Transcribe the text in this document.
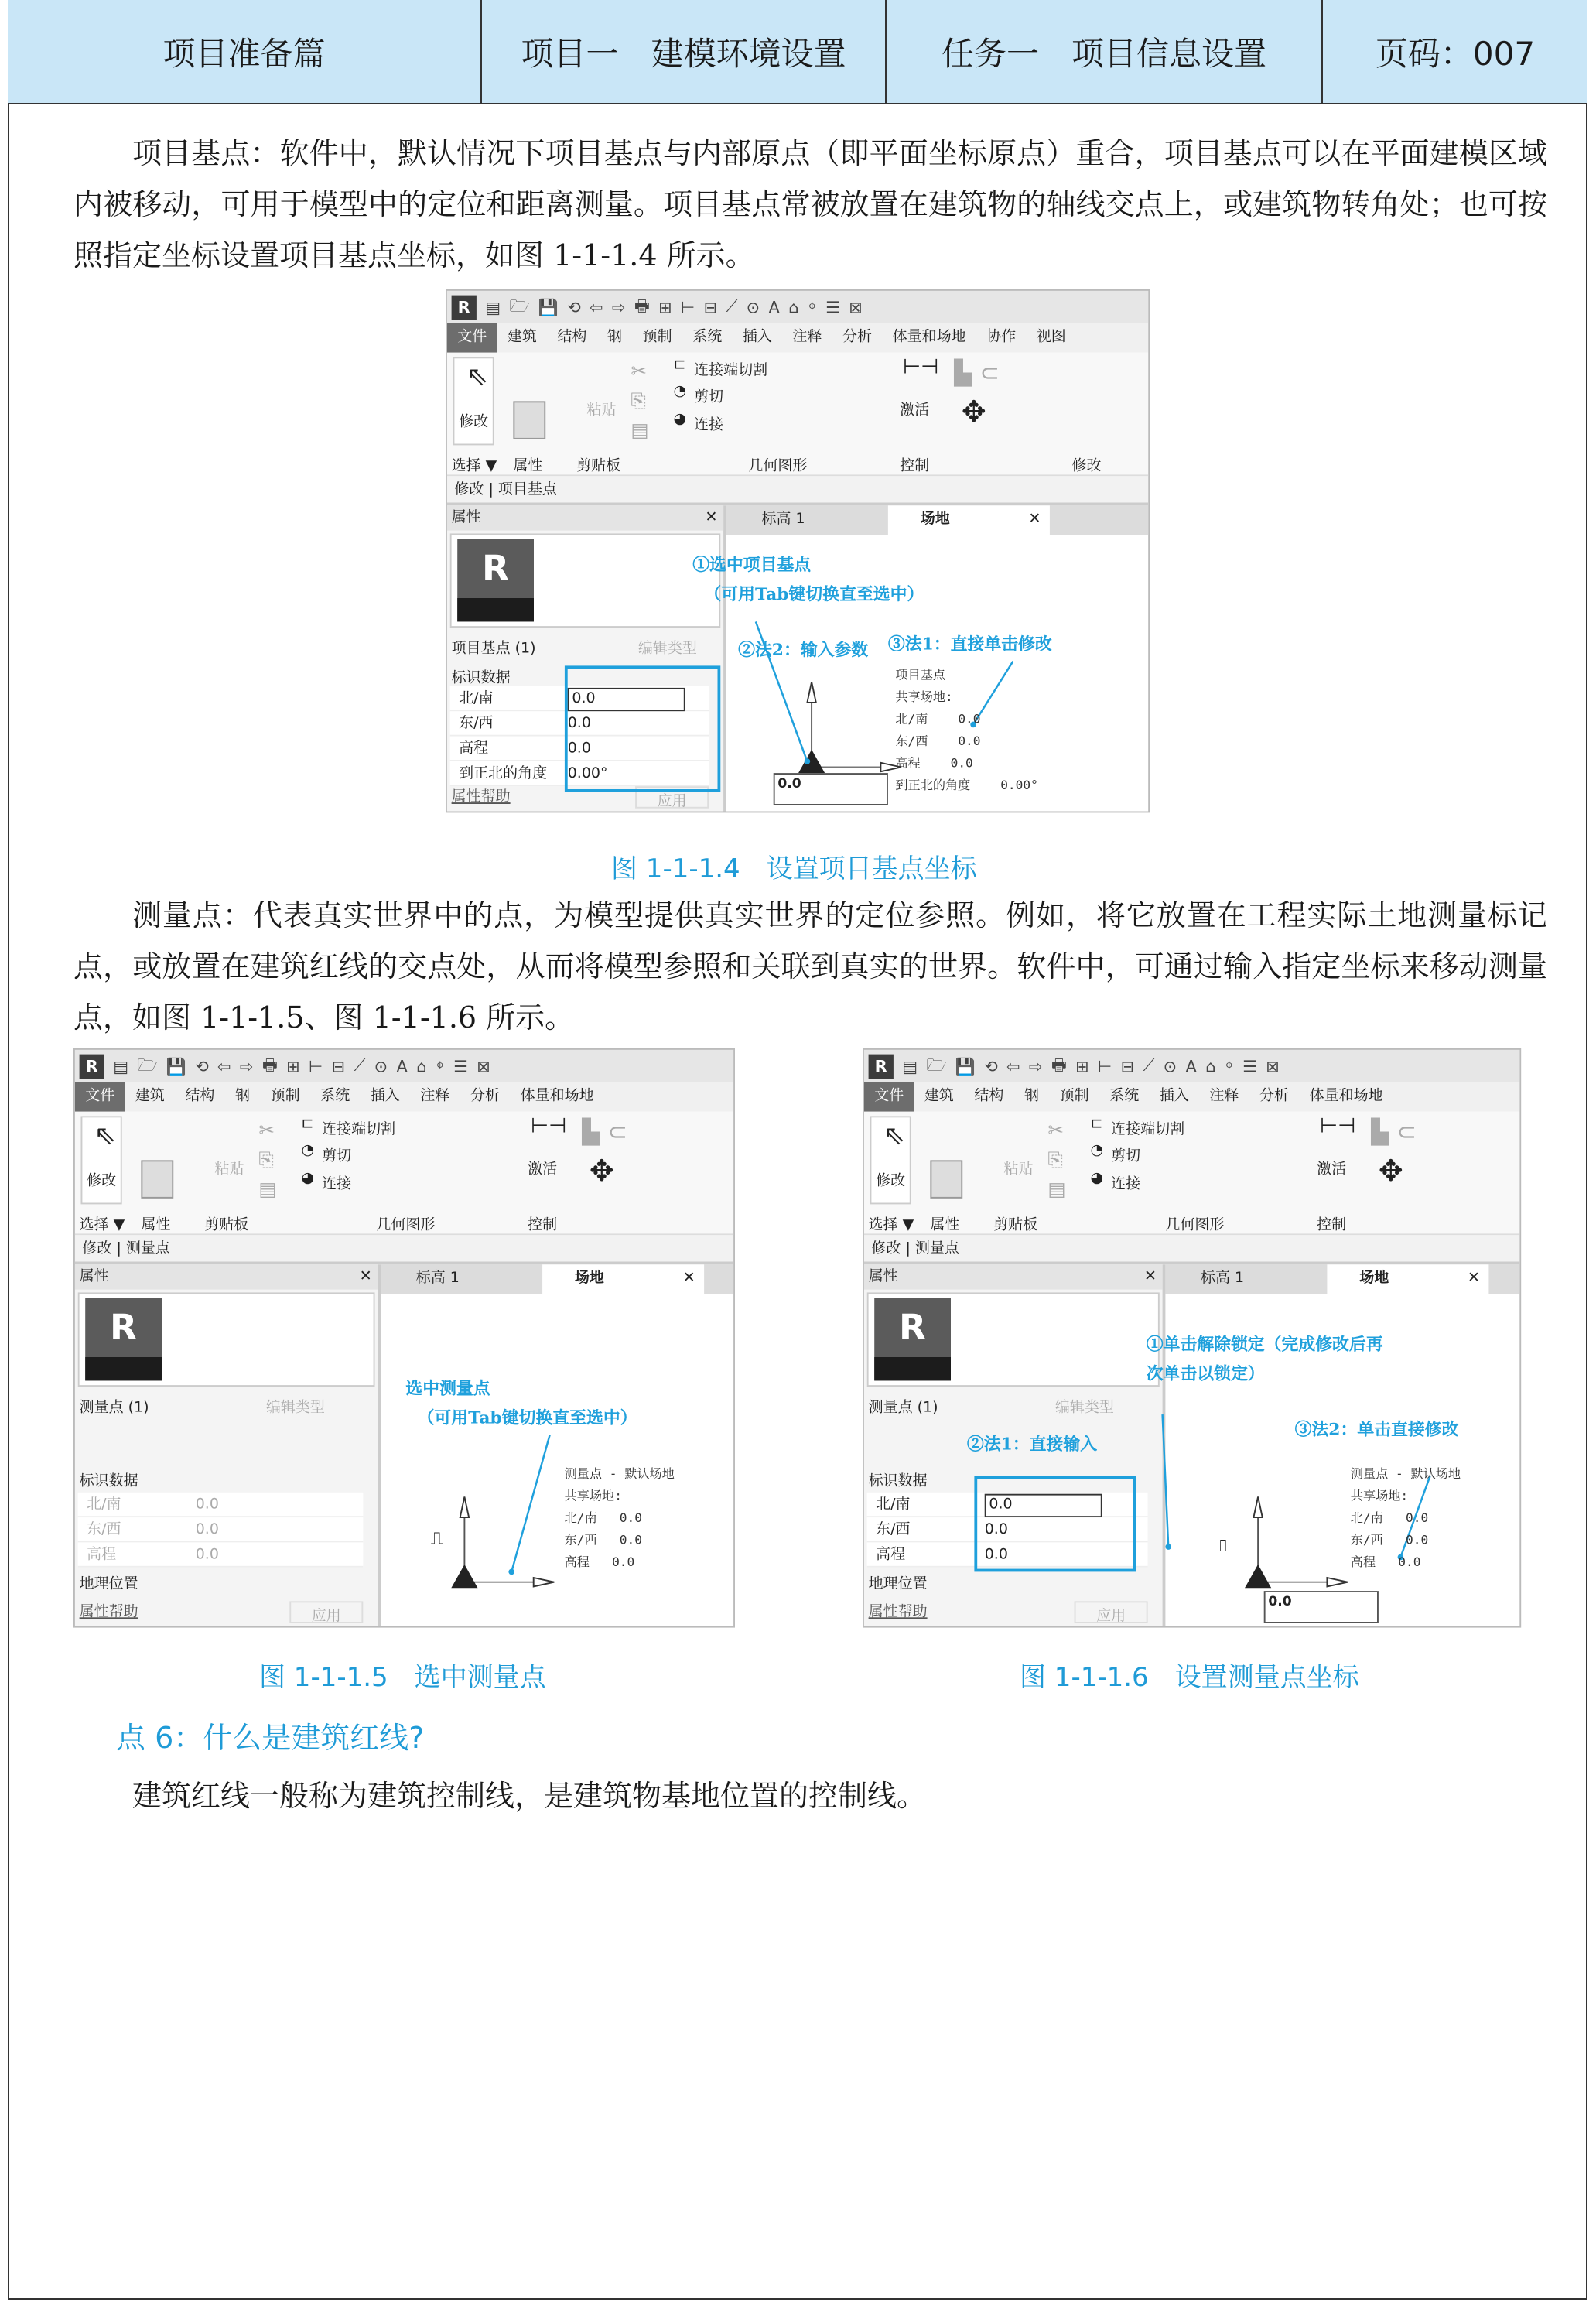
项目准备篇	项目一　建模环境设置	任务一　项目信息设置	页码：007

项目基点：软件中，默认情况下项目基点与内部原点（即平面坐标原点）重合，项目基点可以在平面建模区域内被移动，可用于模型中的定位和距离测量。项目基点常被放置在建筑物的轴线交点上，或建筑物转角处；也可按照指定坐标设置项目基点坐标，如图 1-1-1.4 所示。

R	▤ 🗁 💾 ⟲ ⇦ ⇨ 🖶 ⊞ ⊢ ⊟ ⟋ ⊙ A ⌂ ⌖ ☰ ⊠
文件	建筑	结构	钢	预制	系统	插入	注释	分析	体量和场地	协作	视图
⇖
修改
选择 ▼ 属性
粘贴
✂
⎘
▤
剪贴板
⊏ 连接端切割
◔ 剪切
◕ 连接
几何图形
⊢⊣
激活
控制
✥
▙ ⊂
修改
修改 | 项目基点
属性	✕
R
项目基点 (1)	编辑类型
标识数据
北/南	0.0
东/西	0.0
高程	0.0
到正北的角度	0.00°
属性帮助	应用
标高 1	场地	✕
0.0
项目基点
共享场地:
北/南    0.0
东/西    0.0
高程    0.0
到正北的角度    0.00°
①选中项目基点
（可用Tab键切换直至选中）
②法2：输入参数 ③法1：直接单击修改
图 1-1-1.4　设置项目基点坐标

测量点：代表真实世界中的点，为模型提供真实世界的定位参照。例如，将它放置在工程实际土地测量标记点，或放置在建筑红线的交点处，从而将模型参照和关联到真实的世界。软件中，可通过输入指定坐标来移动测量点，如图 1-1-1.5、图 1-1-1.6 所示。

R	▤ 🗁 💾 ⟲ ⇦ ⇨ 🖶 ⊞ ⊢ ⊟ ⟋ ⊙ A ⌂ ⌖ ☰ ⊠
文件	建筑	结构	钢	预制	系统	插入	注释	分析	体量和场地
⇖
修改
选择 ▼ 属性
粘贴
✂
⎘
▤
剪贴板
⊏ 连接端切割
◔ 剪切
◕ 连接
几何图形
⊢⊣
激活
控制
✥
▙ ⊂
修改 | 测量点
属性	✕
R
测量点 (1)	编辑类型
标识数据
北/南	0.0
东/西	0.0
高程	0.0
地理位置
属性帮助	应用
标高 1	场地	✕
⎍
测量点 - 默认场地
共享场地:
北/南   0.0
东/西   0.0
高程   0.0
选中测量点
（可用Tab键切换直至选中）
R	▤ 🗁 💾 ⟲ ⇦ ⇨ 🖶 ⊞ ⊢ ⊟ ⟋ ⊙ A ⌂ ⌖ ☰ ⊠
文件	建筑	结构	钢	预制	系统	插入	注释	分析	体量和场地
⇖
修改
选择 ▼ 属性
粘贴
✂
⎘
▤
剪贴板
⊏ 连接端切割
◔ 剪切
◕ 连接
几何图形
⊢⊣
激活
控制
✥
▙ ⊂
修改 | 测量点
属性	✕
R
测量点 (1)	编辑类型
标识数据
北/南	0.0
东/西	0.0
高程	0.0
地理位置
属性帮助	应用
标高 1	场地	✕
⎍
0.0
测量点 - 默认场地
共享场地:
北/南   0.0
东/西   0.0
高程   0.0
①单击解除锁定（完成修改后再
次单击以锁定）
②法1：直接输入
③法2：单击直接修改
图 1-1-1.5　选中测量点	图 1-1-1.6　设置测量点坐标
点 6：什么是建筑红线?

建筑红线一般称为建筑控制线，是建筑物基地位置的控制线。
